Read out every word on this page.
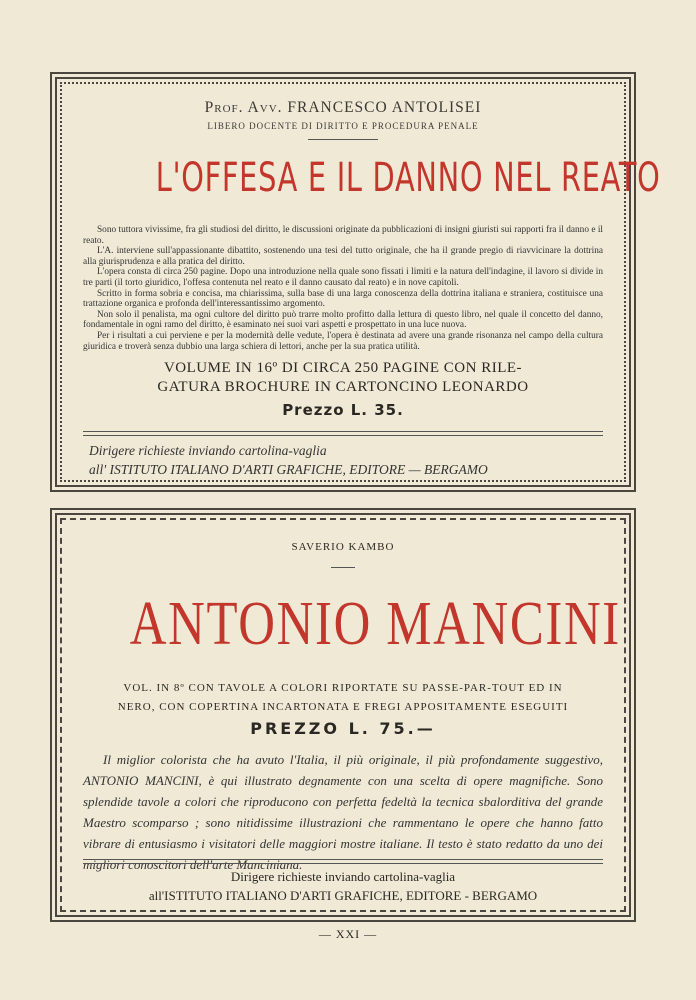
Prof. Avv. FRANCESCO ANTOLISEI
LIBERO DOCENTE DI DIRITTO E PROCEDURA PENALE
L'OFFESA E IL DANNO NEL REATO

Sono tuttora vivissime, fra gli studiosi del diritto, le discussioni originate da pubblicazioni di insigni giuristi sui rapporti fra il danno e il reato.

L'A. interviene sull'appassionante dibattito, sostenendo una tesi del tutto originale, che ha il grande pregio di riavvicinare la dottrina alla giurisprudenza e alla pratica del diritto.

L'opera consta di circa 250 pagine. Dopo una introduzione nella quale sono fissati i limiti e la natura dell'indagine, il lavoro si divide in tre parti (il torto giuridico, l'offesa contenuta nel reato e il danno causato dal reato) e in nove capitoli.

Scritto in forma sobria e concisa, ma chiarissima, sulla base di una larga conoscenza della dottrina italiana e straniera, costituisce una trattazione organica e profonda dell'interessantissimo argomento.

Non solo il penalista, ma ogni cultore del diritto può trarre molto profitto dalla lettura di questo libro, nel quale il concetto del danno, fondamentale in ogni ramo del diritto, è esaminato nei suoi vari aspetti e prospettato in una luce nuova.

Per i risultati a cui perviene e per la modernità delle vedute, l'opera è destinata ad avere una grande risonanza nel campo della cultura giuridica e troverà senza dubbio una larga schiera di lettori, anche per la sua pratica utilità.

VOLUME IN 16º DI CIRCA 250 PAGINE CON RILE-
GATURA BROCHURE IN CARTONCINO LEONARDO
Prezzo L. 35.
Dirigere richieste inviando cartolina-vaglia
all' ISTITUTO ITALIANO D'ARTI GRAFICHE, EDITORE — BERGAMO
SAVERIO KAMBO
ANTONIO MANCINI
VOL. IN 8º CON TAVOLE A COLORI RIPORTATE SU PASSE-PAR-TOUT ED IN
NERO, CON COPERTINA INCARTONATA E FREGI APPOSITAMENTE ESEGUITI
PREZZO L. 75.—

Il miglior colorista che ha avuto l'Italia, il più originale, il più profondamente suggestivo, ANTONIO MANCINI, è qui illustrato degnamente con una scelta di opere magnifiche. Sono splendide tavole a colori che riproducono con perfetta fedeltà la tecnica sbalorditiva del grande Maestro scomparso ; sono nitidissime illustrazioni che rammentano le opere che hanno fatto vibrare di entusiasmo i visitatori delle maggiori mostre italiane. Il testo è stato redatto da uno dei migliori conoscitori dell'arte Manciniana.

Dirigere richieste inviando cartolina-vaglia
all'ISTITUTO ITALIANO D'ARTI GRAFICHE, EDITORE - BERGAMO
— XXI —
